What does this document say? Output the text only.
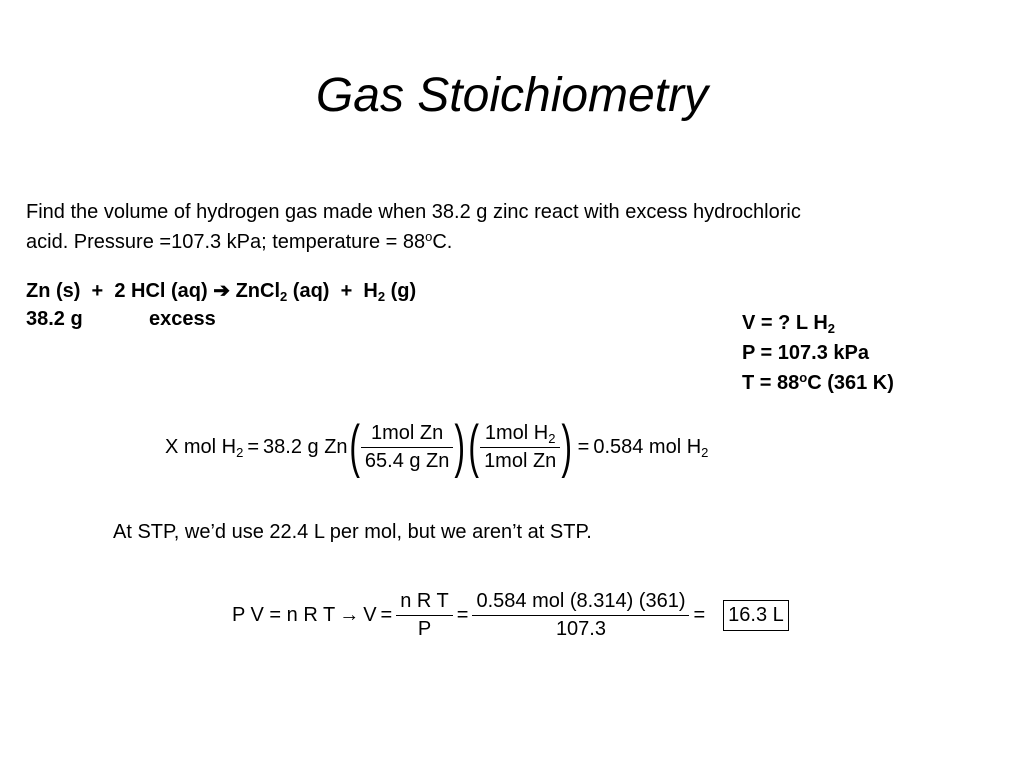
Gas Stoichiometry
Find the volume of hydrogen gas made when 38.2 g zinc react with excess hydrochloric
acid. Pressure =107.3 kPa; temperature = $88^oC$.
Zn (s)  +  2 HCl (aq) ➔ ZnCl$_2$ $(aq) + H_2$ (g)
38.2 g	excess	V = ? L $H_2$
P = 107.3 kPa
$T = 88^oC$ (361 K)
X mol $H_2 = 38.2$ g Zn ( $\frac{\text{1mol Zn}}{\text{65.4 g Zn}}$ ) ( $\frac{1mol H_2}{\text{1mol Zn}}$ ) = 0.584 mol $H_2$
At STP, we’d use 22.4 L per mol, but we aren’t at STP.
P V = n R $T \to V = \frac{\text{n R T}}{P} = \frac{\text{0.584 mol (8.314) (361)}}{107.3} = 16.3$ L
